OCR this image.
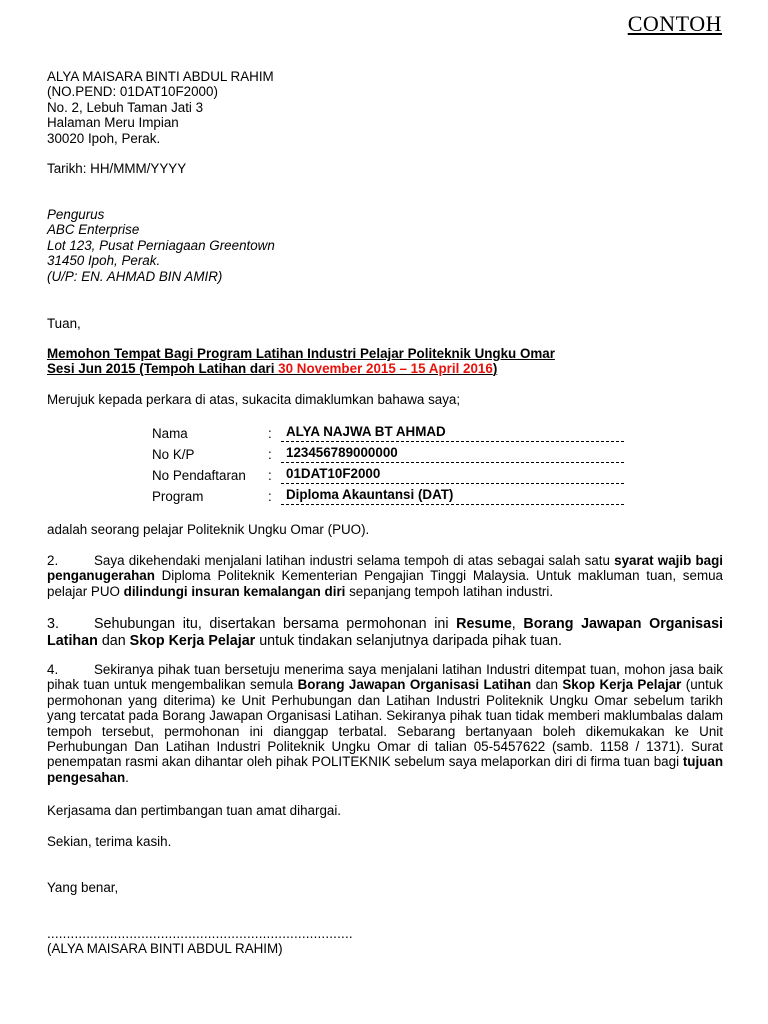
CONTOH
ALYA MAISARA BINTI ABDUL RAHIM
(NO.PEND: 01DAT10F2000)
No. 2, Lebuh Taman Jati 3
Halaman Meru Impian
30020 Ipoh, Perak.
Tarikh: HH/MMM/YYYY
Pengurus
ABC Enterprise
Lot 123, Pusat Perniagaan Greentown
31450 Ipoh, Perak.
(U/P: EN. AHMAD BIN AMIR)
Tuan,
Memohon Tempat Bagi Program Latihan Industri Pelajar Politeknik Ungku Omar
Sesi Jun 2015 (Tempoh Latihan dari 30 November 2015 – 15 April 2016)
Merujuk kepada perkara di atas, sukacita dimaklumkan bahawa saya;
Nama	:	ALYA NAJWA BT AHMAD
No K/P	:	123456789000000
No Pendaftaran :	01DAT10F2000
Program	:	Diploma Akauntansi (DAT)
adalah seorang pelajar Politeknik Ungku Omar (PUO).
2.	Saya dikehendaki menjalani latihan industri selama tempoh di atas sebagai salah satu syarat wajib bagi penganugerahan Diploma Politeknik Kementerian Pengajian Tinggi Malaysia. Untuk makluman tuan, semua pelajar PUO dilindungi insuran kemalangan diri sepanjang tempoh latihan industri.
3. Sehubungan itu, disertakan bersama permohonan ini Resume, Borang Jawapan Organisasi Latihan dan Skop Kerja Pelajar untuk tindakan selanjutnya daripada pihak tuan.
4.	Sekiranya pihak tuan bersetuju menerima saya menjalani latihan Industri ditempat tuan, mohon jasa baik pihak tuan untuk mengembalikan semula Borang Jawapan Organisasi Latihan dan Skop Kerja Pelajar (untuk permohonan yang diterima) ke Unit Perhubungan dan Latihan Industri Politeknik Ungku Omar sebelum tarikh yang tercatat pada Borang Jawapan Organisasi Latihan. Sekiranya pihak tuan tidak memberi maklumbalas dalam tempoh tersebut, permohonan ini dianggap terbatal. Sebarang bertanyaan boleh dikemukakan ke Unit Perhubungan Dan Latihan Industri Politeknik Ungku Omar di talian 05-5457622 (samb. 1158 / 1371). Surat penempatan rasmi akan dihantar oleh pihak POLITEKNIK sebelum saya melaporkan diri di firma tuan bagi tujuan pengesahan.
Kerjasama dan pertimbangan tuan amat dihargai.
Sekian, terima kasih.
Yang benar,
..............................................................................
(ALYA MAISARA BINTI ABDUL RAHIM)
